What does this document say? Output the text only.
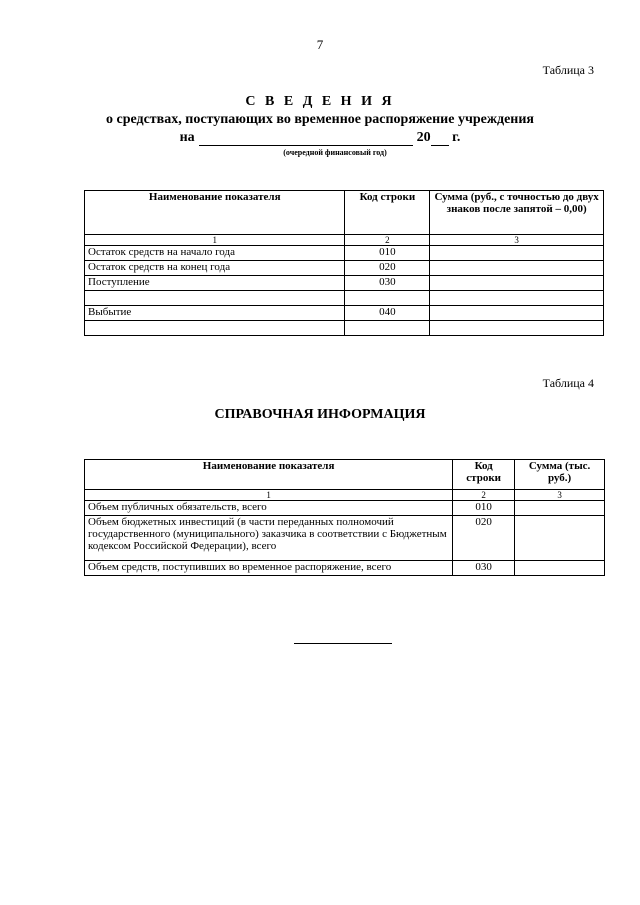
7
Таблица 3
С В Е Д Е Н И Я
о средствах, поступающих во временное распоряжение учреждения
на	20 г.
(очередной финансовый год)
Наименование показателя	Код строки	Сумма (руб., с точностью до двух знаков после запятой – 0,00)
1	2	3
Остаток средств на начало года	010	
Остаток средств на конец года	020	
Поступление	030	

Выбытие	040	

Таблица 4
СПРАВОЧНАЯ ИНФОРМАЦИЯ
Наименование показателя	Код строки	Сумма (тыс. руб.)
1	2	3
Объем публичных обязательств, всего	010	
Объем бюджетных инвестиций (в части переданных полномочий государственного (муниципального) заказчика в соответствии с Бюджетным кодексом Российской Федерации), всего	020	
Объем средств, поступивших во временное распоряжение, всего	030	
